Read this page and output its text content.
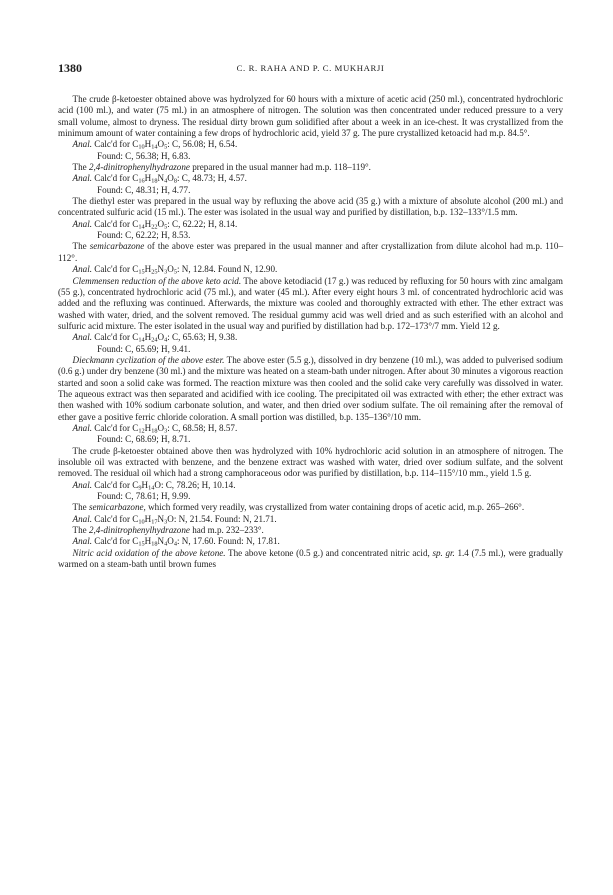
1380	C. R. RAHA AND P. C. MUKHARJI

The crude β-ketoester obtained above was hydrolyzed for 60 hours with a mixture of acetic acid (250 ml.), concentrated hydrochloric acid (100 ml.), and water (75 ml.) in an atmosphere of nitrogen. The solution was then concentrated under reduced pressure to a very small volume, almost to dryness. The residual dirty brown gum solidified after about a week in an ice-chest. It was crystallized from the minimum amount of water containing a few drops of hydrochloric acid, yield 37 g. The pure crystallized ketoacid had m.p. 84.5°.

Anal. Calc'd for $C_{10}H_{14}O_5$: C, 56.08; H, 6.54.

Found: C, 56.38; H, 6.83.

The 2,4-dinitrophenylhydrazone prepared in the usual manner had m.p. 118–119°.

Anal. Calc'd for $C_{16}H_{18}N_4O_8$: C, 48.73; H, 4.57.

Found: C, 48.31; H, 4.77.

The diethyl ester was prepared in the usual way by refluxing the above acid (35 g.) with a mixture of absolute alcohol (200 ml.) and concentrated sulfuric acid (15 ml.). The ester was isolated in the usual way and purified by distillation, b.p. 132–133°/1.5 mm.

Anal. Calc'd for $C_{14}H_{22}O_5$: C, 62.22; H, 8.14.

Found: C, 62.22; H, 8.53.

The semicarbazone of the above ester was prepared in the usual manner and after crystallization from dilute alcohol had m.p. 110–112°.

Anal. Calc'd for $C_{15}H_{25}N_3O_5$: N, 12.84. Found N, 12.90.

Clemmensen reduction of the above keto acid. The above ketodiacid (17 g.) was reduced by refluxing for 50 hours with zinc amalgam (55 g.), concentrated hydrochloric acid (75 ml.), and water (45 ml.). After every eight hours 3 ml. of concentrated hydrochloric acid was added and the refluxing was continued. Afterwards, the mixture was cooled and thoroughly extracted with ether. The ether extract was washed with water, dried, and the solvent removed. The residual gummy acid was well dried and as such esterified with an alcohol and sulfuric acid mixture. The ester isolated in the usual way and purified by distillation had b.p. 172–173°/7 mm. Yield 12 g.

Anal. Calc'd for $C_{14}H_{24}O_4$: C, 65.63; H, 9.38.

Found: C, 65.69; H, 9.41.

Dieckmann cyclization of the above ester. The above ester (5.5 g.), dissolved in dry benzene (10 ml.), was added to pulverised sodium (0.6 g.) under dry benzene (30 ml.) and the mixture was heated on a steam-bath under nitrogen. After about 30 minutes a vigorous reaction started and soon a solid cake was formed. The reaction mixture was then cooled and the solid cake very carefully was dissolved in water. The aqueous extract was then separated and acidified with ice cooling. The precipitated oil was extracted with ether; the ether extract was then washed with 10% sodium carbonate solution, and water, and then dried over sodium sulfate. The oil remaining after the removal of ether gave a positive ferric chloride coloration. A small portion was distilled, b.p. 135–136°/10 mm.

Anal. Calc'd for $C_{12}H_{18}O_3$: C, 68.58; H, 8.57.

Found: C, 68.69; H, 8.71.

The crude β-ketoester obtained above then was hydrolyzed with 10% hydrochloric acid solution in an atmosphere of nitrogen. The insoluble oil was extracted with benzene, and the benzene extract was washed with water, dried over sodium sulfate, and the solvent removed. The residual oil which had a strong camphoraceous odor was purified by distillation, b.p. 114–115°/10 mm., yield 1.5 g.

Anal. Calc'd for $C_9H_{14}O$: C, 78.26; H, 10.14.

Found: C, 78.61; H, 9.99.

The semicarbazone, which formed very readily, was crystallized from water containing drops of acetic acid, m.p. 265–266°.

Anal. Calc'd for $C_{10}H_{17}N_3O$: N, 21.54. Found: N, 21.71.

The 2,4-dinitrophenylhydrazone had m.p. 232–233°.

Anal. Calc'd for $C_{15}H_{18}N_4O_4$: N, 17.60. Found: N, 17.81.

Nitric acid oxidation of the above ketone. The above ketone (0.5 g.) and concentrated nitric acid, sp. gr. 1.4 (7.5 ml.), were gradually warmed on a steam-bath until brown fumes
